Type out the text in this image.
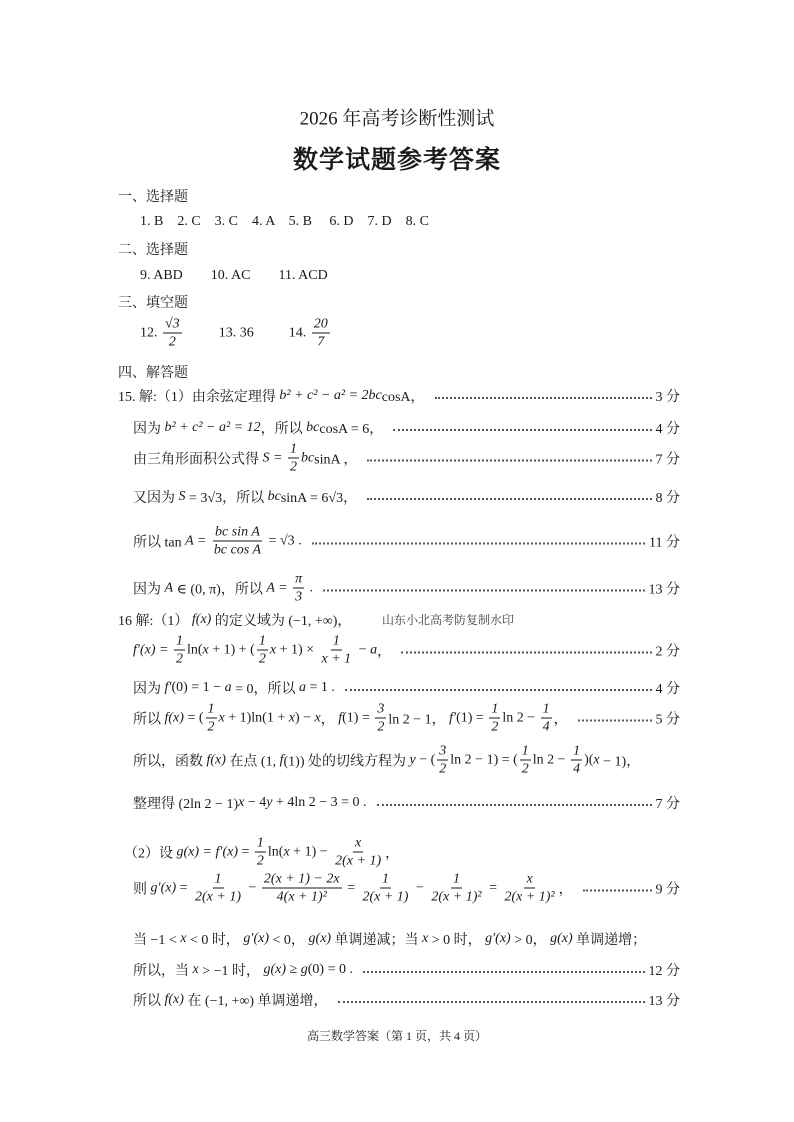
2026 年高考诊断性测试
数学试题参考答案
一、选择题
1. B    2. C    3. C    4. A    5. B     6. D    7. D    8. C
二、选择题
9. ABD        10. AC        11. ACD
三、填空题
12. $\frac{√3}{2} 13$. 36          14. $\frac{20}{7}$
四、解答题
15. 解:（1）由余弦定理得 b² + c² − a² = 2bc cosA，	3 分
因为 b² + c² − a² = 12 ，所以 bc cosA = 6，	4 分
由三角形面积公式得 $S = \frac{1}{2}$ bc sinA ，	7 分
又因为 S = 3√3，所以 bc sinA = 6√3，	8 分
所以 $\tan A = \frac{\text{bc sin A}}{\text{bc cos A}} = √3$ .	11 分
因为 A ∈ (0, π)，所以 $A = \frac{\pi}{3}$ .	13 分
16 解:（1） f(x) 的定义域为 (−1, +∞)，
$f'(x) = \frac{1}{2} \ln$( x + 1) + ( $\frac{1}{2}$ $x + 1) \times \frac{1}{x + 1} - a$ ，	2 分
因为 f′ (0) = 1 − a = 0，所以 a = 1 .	4 分
所以 f(x) = ( $\frac{1}{2}$ x + 1)ln(1 + x ) − x ， f $(1) = \frac{3}{2}$ ln 2 − 1， f′ $(1) = \frac{1}{2}$ $\ln 2 - \frac{1}{4}$ ，	5 分
所以，函数 f(x) 在点 (1, f (1)) 处的切线方程为 y − ( $\frac{3}{2}$ ln 2 − 1) = ( $\frac{1}{2}$ $\ln 2 - \frac{1}{4}$ )( x − 1)，
整理得 (2ln 2 − 1) x − 4 y + 4ln 2 − 3 = 0 .	7 分
（2）设 $g(x) = f'(x) = \frac{1}{2} \ln$( $x + 1) - \frac{x}{2(x + 1)}$ ，
则 $g'(x) = \frac{1}{2(x + 1)} - \frac{2(x + 1) - 2x}{\text{4(x + 1)²}} = \frac{1}{2(x + 1)} - \frac{1}{\text{2(x + 1)²}} = \frac{x}{\text{2(x + 1)²}}$ ，	9 分
当 −1 < x < 0 时， g′(x) < 0， g(x) 单调递减；当 x > 0 时， g′(x) > 0， g(x) 单调递增；
所以，当 x > −1 时， g(x) ≥ g (0) = 0 .	12 分
所以 f(x) 在 (−1, +∞) 单调递增，	13 分
山东小北高考防复制水印
高三数学答案（第 1 页，共 4 页）
